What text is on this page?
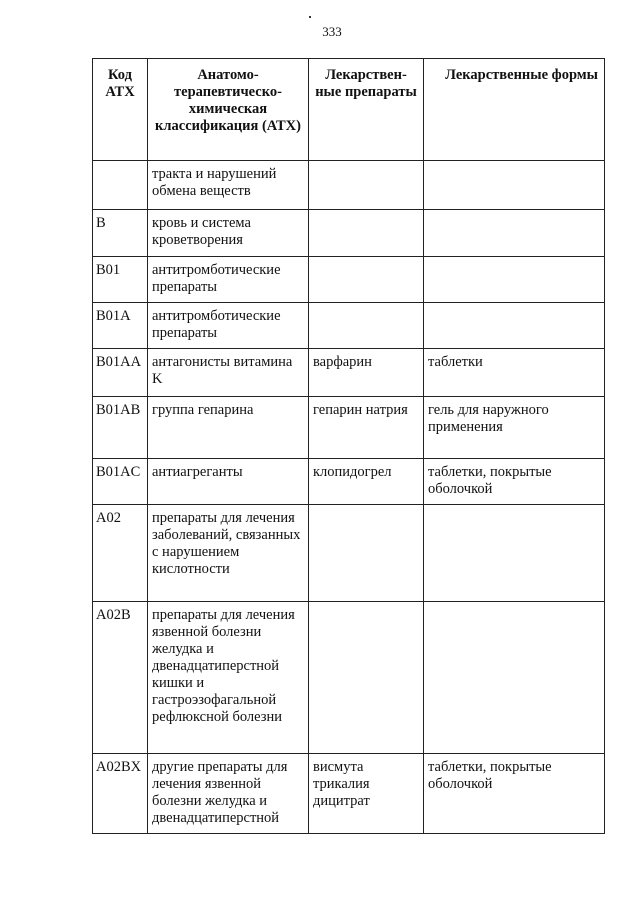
333
Код АТХ	Анатомо-терапевтическо-химическая классификация (АТХ)	Лекарствен-ные препараты	Лекарственные формы
	тракта и нарушений обмена веществ		
B	кровь и система кроветворения		
B01	антитромботические препараты		
B01A	антитромботические препараты		
B01AA	антагонисты витамина K	варфарин	таблетки
B01AB	группа гепарина	гепарин натрия	гель для наружного применения
B01AC	антиагреганты	клопидогрел	таблетки, покрытые оболочкой
A02	препараты для лечения заболеваний, связанных с нарушением кислотности		
A02B	препараты для лечения язвенной болезни желудка и двенадцатиперстной кишки и гастроэзофагальной рефлюксной болезни		
A02BX	другие препараты для лечения язвенной болезни желудка и двенадцатиперстной	висмута трикалия дицитрат	таблетки, покрытые оболочкой
